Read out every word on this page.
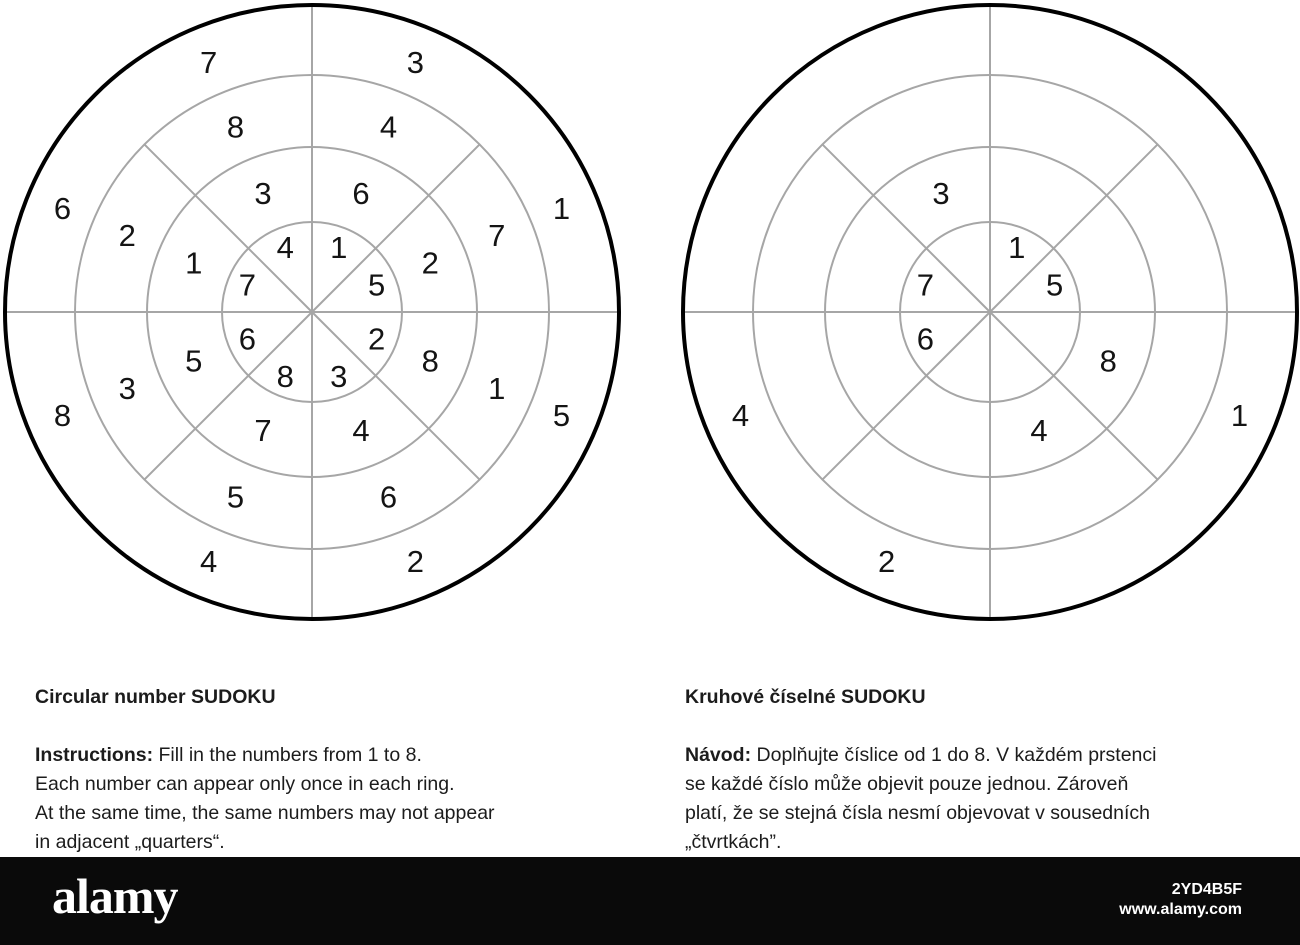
1
5
2
3
8
6
7
4
6
2
8
4
7
5
1
3
4
7
1
6
5
3
2
8
3
1
5
2
4
8
6
7
1
5
6
7
8
4
3
1
2
4
Circular number SUDOKU
Instructions: Fill in the numbers from 1 to 8.
Each number can appear only once in each ring.
At the same time, the same numbers may not appear
in adjacent „quarters“.
Kruhové číselné SUDOKU
Návod: Doplňujte číslice od 1 do 8. V každém prstenci
se každé číslo může objevit pouze jednou. Zároveň
platí, že se stejná čísla nesmí objevovat v sousedních
„čtvrtkách”.
alamy	2YD4B5F
www.alamy.com
